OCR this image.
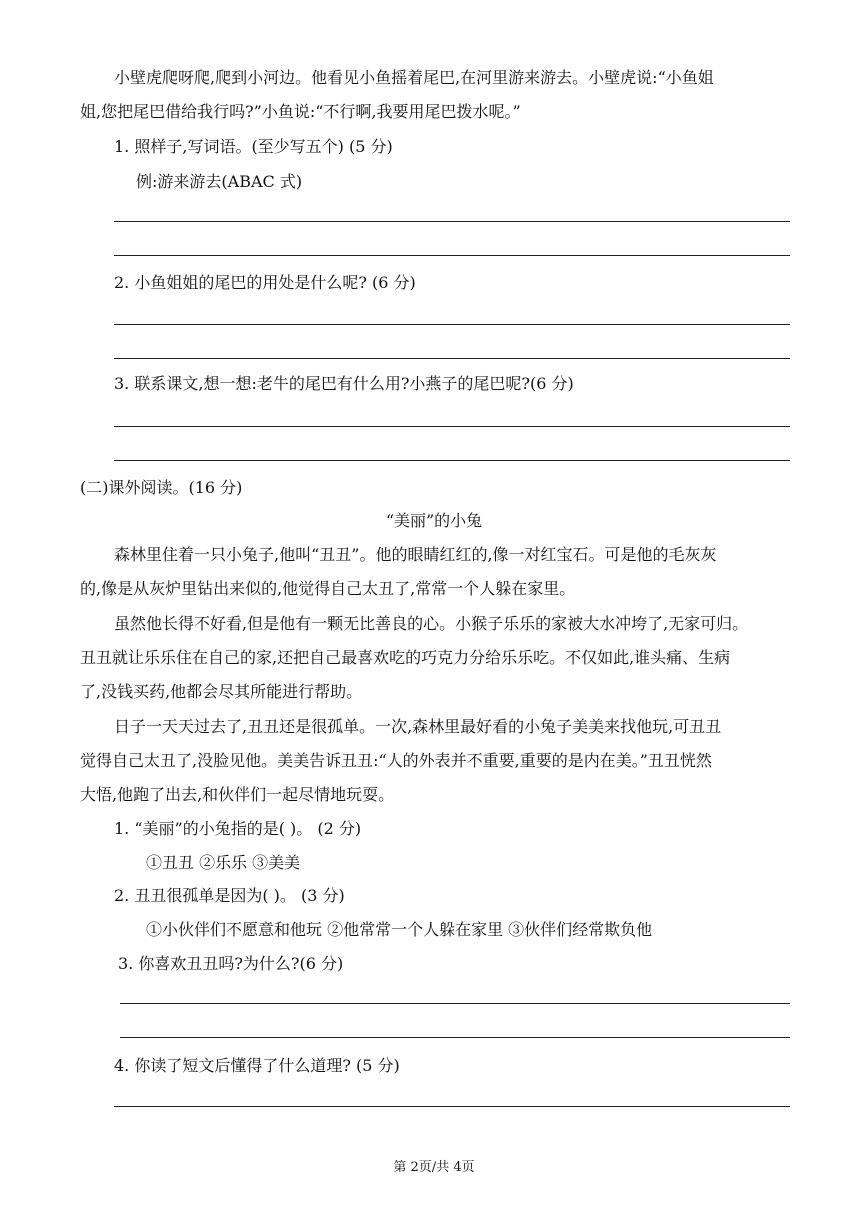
小壁虎爬呀爬,爬到小河边。他看见小鱼摇着尾巴,在河里游来游去。小壁虎说:“小鱼姐
姐,您把尾巴借给我行吗?”小鱼说:“不行啊,我要用尾巴拨水呢。”
1. 照样子,写词语。(至少写五个) (5 分)
例:游来游去(ABAC 式)
2. 小鱼姐姐的尾巴的用处是什么呢? (6 分)
3. 联系课文,想一想:老牛的尾巴有什么用?小燕子的尾巴呢?(6 分)
(二)课外阅读。(16 分)
“美丽”的小兔
森林里住着一只小兔子,他叫“丑丑”。他的眼睛红红的,像一对红宝石。可是他的毛灰灰
的,像是从灰炉里钻出来似的,他觉得自己太丑了,常常一个人躲在家里。
虽然他长得不好看,但是他有一颗无比善良的心。小猴子乐乐的家被大水冲垮了,无家可归。
丑丑就让乐乐住在自己的家,还把自己最喜欢吃的巧克力分给乐乐吃。不仅如此,谁头痛、生病
了,没钱买药,他都会尽其所能进行帮助。
日子一天天过去了,丑丑还是很孤单。一次,森林里最好看的小兔子美美来找他玩,可丑丑
觉得自己太丑了,没脸见他。美美告诉丑丑:“人的外表并不重要,重要的是内在美。”丑丑恍然
大悟,他跑了出去,和伙伴们一起尽情地玩耍。
1. “美丽”的小兔指的是( )。 (2 分)
①丑丑 ②乐乐 ③美美
2. 丑丑很孤单是因为( )。 (3 分)
①小伙伴们不愿意和他玩 ②他常常一个人躲在家里 ③伙伴们经常欺负他
3. 你喜欢丑丑吗?为什么?(6 分)
4. 你读了短文后懂得了什么道理? (5 分)
第 2页/共 4页
